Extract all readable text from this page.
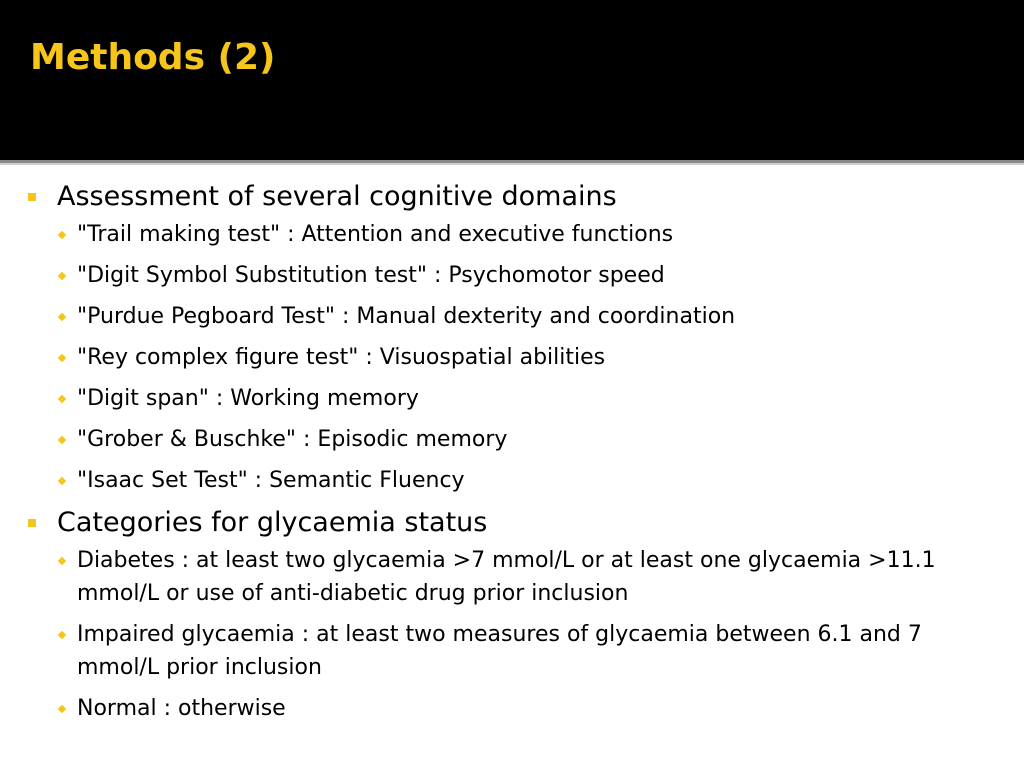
Methods (2)
Assessment of several cognitive domains
"Trail making test" : Attention and executive functions
"Digit Symbol Substitution test" : Psychomotor speed
"Purdue Pegboard Test" : Manual dexterity and coordination
"Rey complex figure test" : Visuospatial abilities
"Digit span" : Working memory
"Grober & Buschke" : Episodic memory
"Isaac Set Test" : Semantic Fluency
Categories for glycaemia status
Diabetes : at least two glycaemia >7 mmol/L or at least one glycaemia >11.1 mmol/L or use of anti-diabetic drug prior inclusion
Impaired glycaemia : at least two measures of glycaemia between 6.1 and 7 mmol/L prior inclusion
Normal : otherwise
